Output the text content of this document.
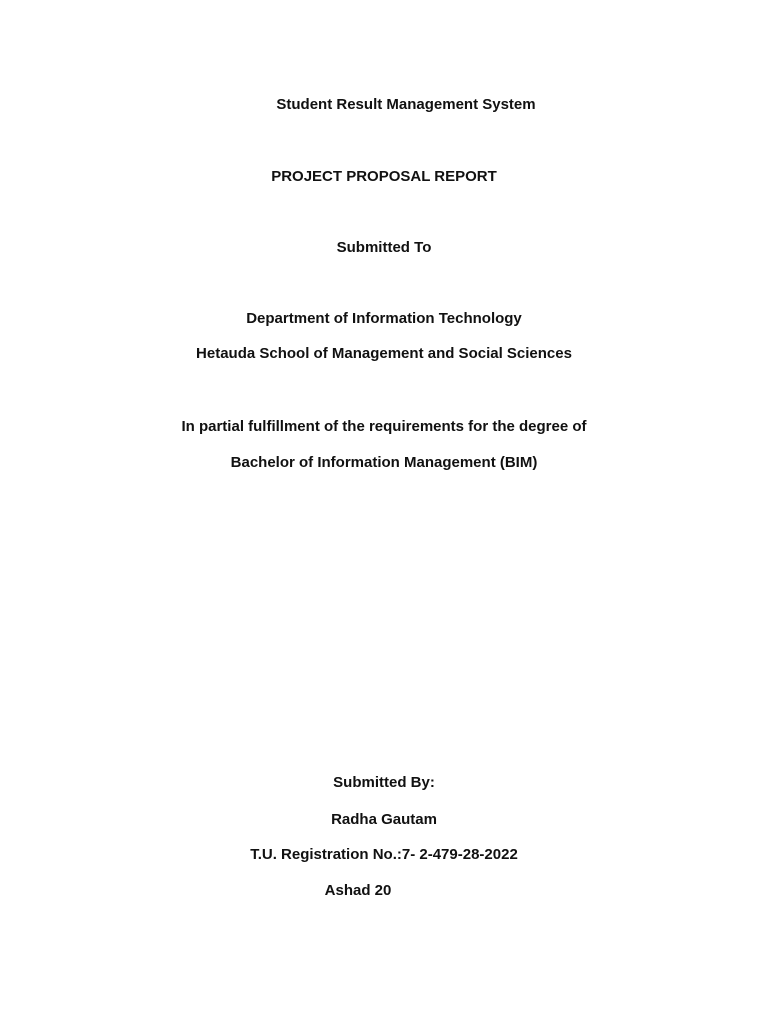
Student Result Management System
PROJECT PROPOSAL REPORT
Submitted To
Department of Information Technology
Hetauda School of Management and Social Sciences
In partial fulfillment of the requirements for the degree of
Bachelor of Information Management (BIM)
Submitted By:
Radha Gautam
T.U. Registration No.:7- 2-479-28-2022
Ashad 20
